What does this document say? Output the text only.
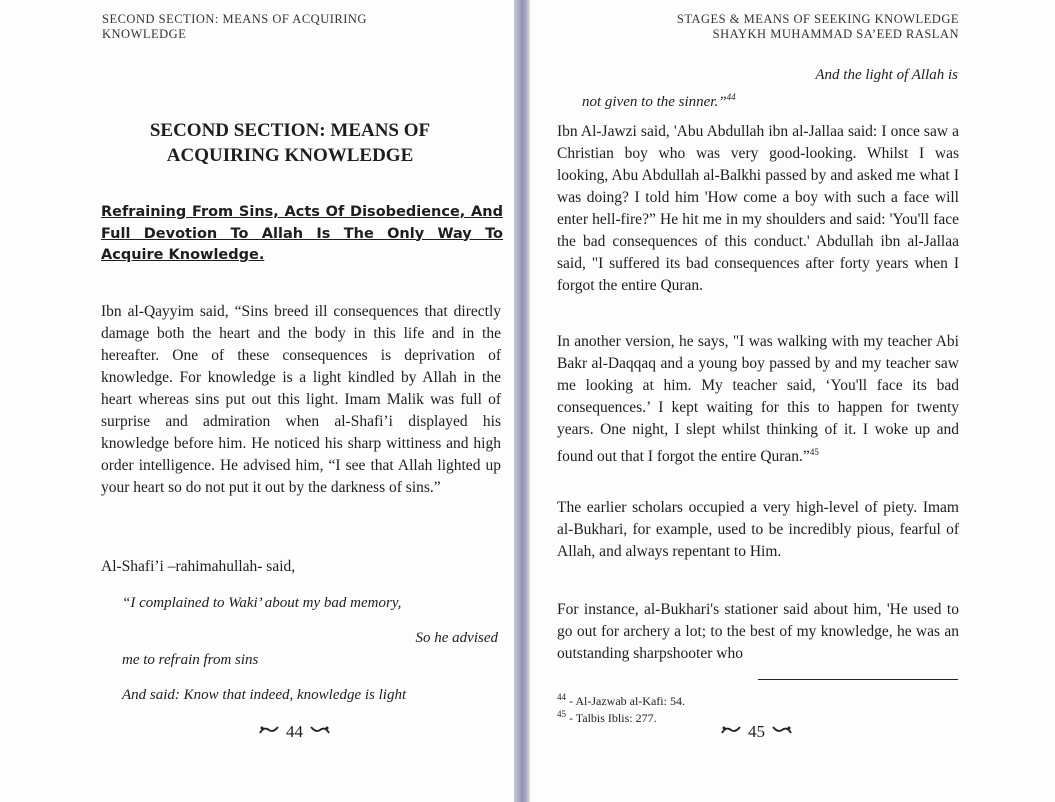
SECOND SECTION: MEANS OF ACQUIRING
KNOWLEDGE
SECOND SECTION: MEANS OF
ACQUIRING KNOWLEDGE

Refraining From Sins, Acts Of Disobedience, And Full Devotion To Allah Is The Only Way To Acquire Knowledge.

Ibn al-Qayyim said, “Sins breed ill consequences that directly damage both the heart and the body in this life and in the hereafter. One of these consequences is deprivation of knowledge. For knowledge is a light kindled by Allah in the heart whereas sins put out this light. Imam Malik was full of surprise and admiration when al-Shafi’i displayed his knowledge before him. He noticed his sharp wittiness and high order intelligence. He advised him, “I see that Allah lighted up your heart so do not put it out by the darkness of sins.”

Al-Shafi’i –rahimahullah- said,

“I complained to Waki’ about my bad memory,

So he advised

me to refrain from sins

And said: Know that indeed, knowledge is light

44
STAGES & MEANS OF SEEKING KNOWLEDGE
SHAYKH MUHAMMAD SA’EED RASLAN

And the light of Allah is

not given to the sinner.”$^{44}$

Ibn Al-Jawzi said, 'Abu Abdullah ibn al-Jallaa said: I once saw a Christian boy who was very good-looking. Whilst I was looking, Abu Abdullah al-Balkhi passed by and asked me what I was doing? I told him 'How come a boy with such a face will enter hell-fire?” He hit me in my shoulders and said: 'You'll face the bad consequences of this conduct.' Abdullah ibn al-Jallaa said, "I suffered its bad consequences after forty years when I forgot the entire Quran.

In another version, he says, "I was walking with my teacher Abi Bakr al-Daqqaq and a young boy passed by and my teacher saw me looking at him. My teacher said, ‘You'll face its bad consequences.’ I kept waiting for this to happen for twenty years. One night, I slept whilst thinking of it. I woke up and found out that I forgot the entire Quran.”$^{45}$

The earlier scholars occupied a very high-level of piety. Imam al-Bukhari, for example, used to be incredibly pious, fearful of Allah, and always repentant to Him.

For instance, al-Bukhari's stationer said about him, 'He used to go out for archery a lot; to the best of my knowledge, he was an outstanding sharpshooter who

$^{44}$ - Al-Jazwab al-Kafi: 54.

$^{45}$ - Talbis Iblis: 277.

45
